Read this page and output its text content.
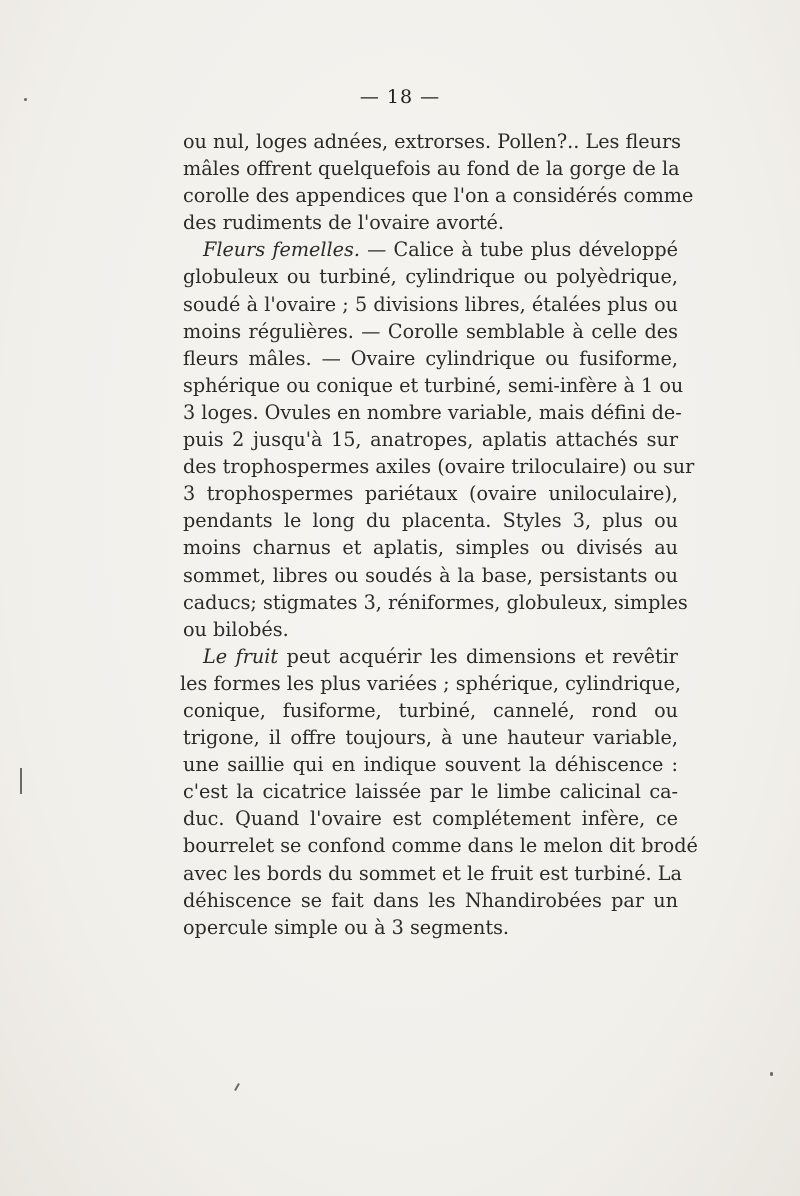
— 18 —
ou nul, loges adnées, extrorses. Pollen?.. Les fleurs
mâles offrent quelquefois au fond de la gorge de la
corolle des appendices que l'on a considérés comme
des rudiments de l'ovaire avorté.
Fleurs femelles. — Calice à tube plus développé
globuleux ou turbiné, cylindrique ou polyèdrique,
soudé à l'ovaire ; 5 divisions libres, étalées plus ou
moins régulières. — Corolle semblable à celle des
fleurs mâles. — Ovaire cylindrique ou fusiforme,
sphérique ou conique et turbiné, semi-infère à 1 ou
3 loges. Ovules en nombre variable, mais défini de-
puis 2 jusqu'à 15, anatropes, aplatis attachés sur
des trophospermes axiles (ovaire triloculaire) ou sur
3 trophospermes pariétaux (ovaire uniloculaire),
pendants le long du placenta. Styles 3, plus ou
moins charnus et aplatis, simples ou divisés au
sommet, libres ou soudés à la base, persistants ou
caducs; stigmates 3, réniformes, globuleux, simples
ou bilobés.
Le fruit peut acquérir les dimensions et revêtir
les formes les plus variées ; sphérique, cylindrique,
conique, fusiforme, turbiné, cannelé, rond ou
trigone, il offre toujours, à une hauteur variable,
une saillie qui en indique souvent la déhiscence :
c'est la cicatrice laissée par le limbe calicinal ca-
duc. Quand l'ovaire est complétement infère, ce
bourrelet se confond comme dans le melon dit brodé
avec les bords du sommet et le fruit est turbiné. La
déhiscence se fait dans les Nhandirobées par un
opercule simple ou à 3 segments.
